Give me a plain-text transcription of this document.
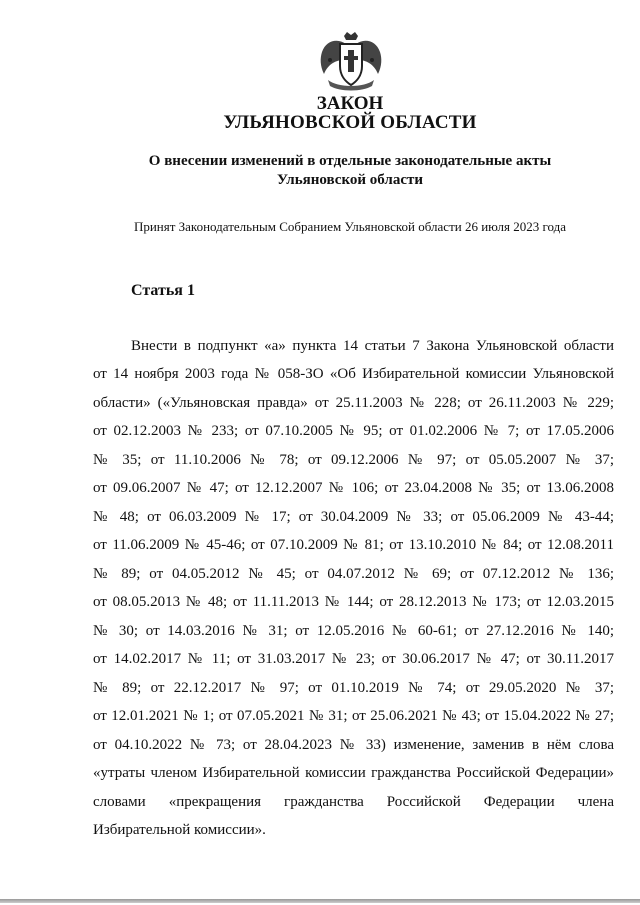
ЗАКОН
УЛЬЯНОВСКОЙ ОБЛАСТИ
О внесении изменений в отдельные законодательные акты
Ульяновской области
Принят Законодательным Собранием Ульяновской области 26 июля 2023 года
Статья 1
Внести в подпункт «а» пункта 14 статьи 7 Закона Ульяновской области
от 14 ноября 2003 года № 058-ЗО «Об Избирательной комиссии Ульяновской
области» («Ульяновская правда» от 25.11.2003 № 228; от 26.11.2003 № 229;
от 02.12.2003 № 233; от 07.10.2005 № 95; от 01.02.2006 № 7; от 17.05.2006
№ 35; от 11.10.2006 № 78; от 09.12.2006 № 97; от 05.05.2007 № 37;
от 09.06.2007 № 47; от 12.12.2007 № 106; от 23.04.2008 № 35; от 13.06.2008
№ 48; от 06.03.2009 № 17; от 30.04.2009 № 33; от 05.06.2009 № 43-44;
от 11.06.2009 № 45-46; от 07.10.2009 № 81; от 13.10.2010 № 84; от 12.08.2011
№ 89; от 04.05.2012 № 45; от 04.07.2012 № 69; от 07.12.2012 № 136;
от 08.05.2013 № 48; от 11.11.2013 № 144; от 28.12.2013 № 173; от 12.03.2015
№ 30; от 14.03.2016 № 31; от 12.05.2016 № 60-61; от 27.12.2016 № 140;
от 14.02.2017 № 11; от 31.03.2017 № 23; от 30.06.2017 № 47; от 30.11.2017
№ 89; от 22.12.2017 № 97; от 01.10.2019 № 74; от 29.05.2020 № 37;
от 12.01.2021 № 1; от 07.05.2021 № 31; от 25.06.2021 № 43; от 15.04.2022 № 27;
от 04.10.2022 № 73; от 28.04.2023 № 33) изменение, заменив в нём слова
«утраты членом Избирательной комиссии гражданства Российской Федерации»
словами «прекращения гражданства Российской Федерации члена
Избирательной комиссии».
